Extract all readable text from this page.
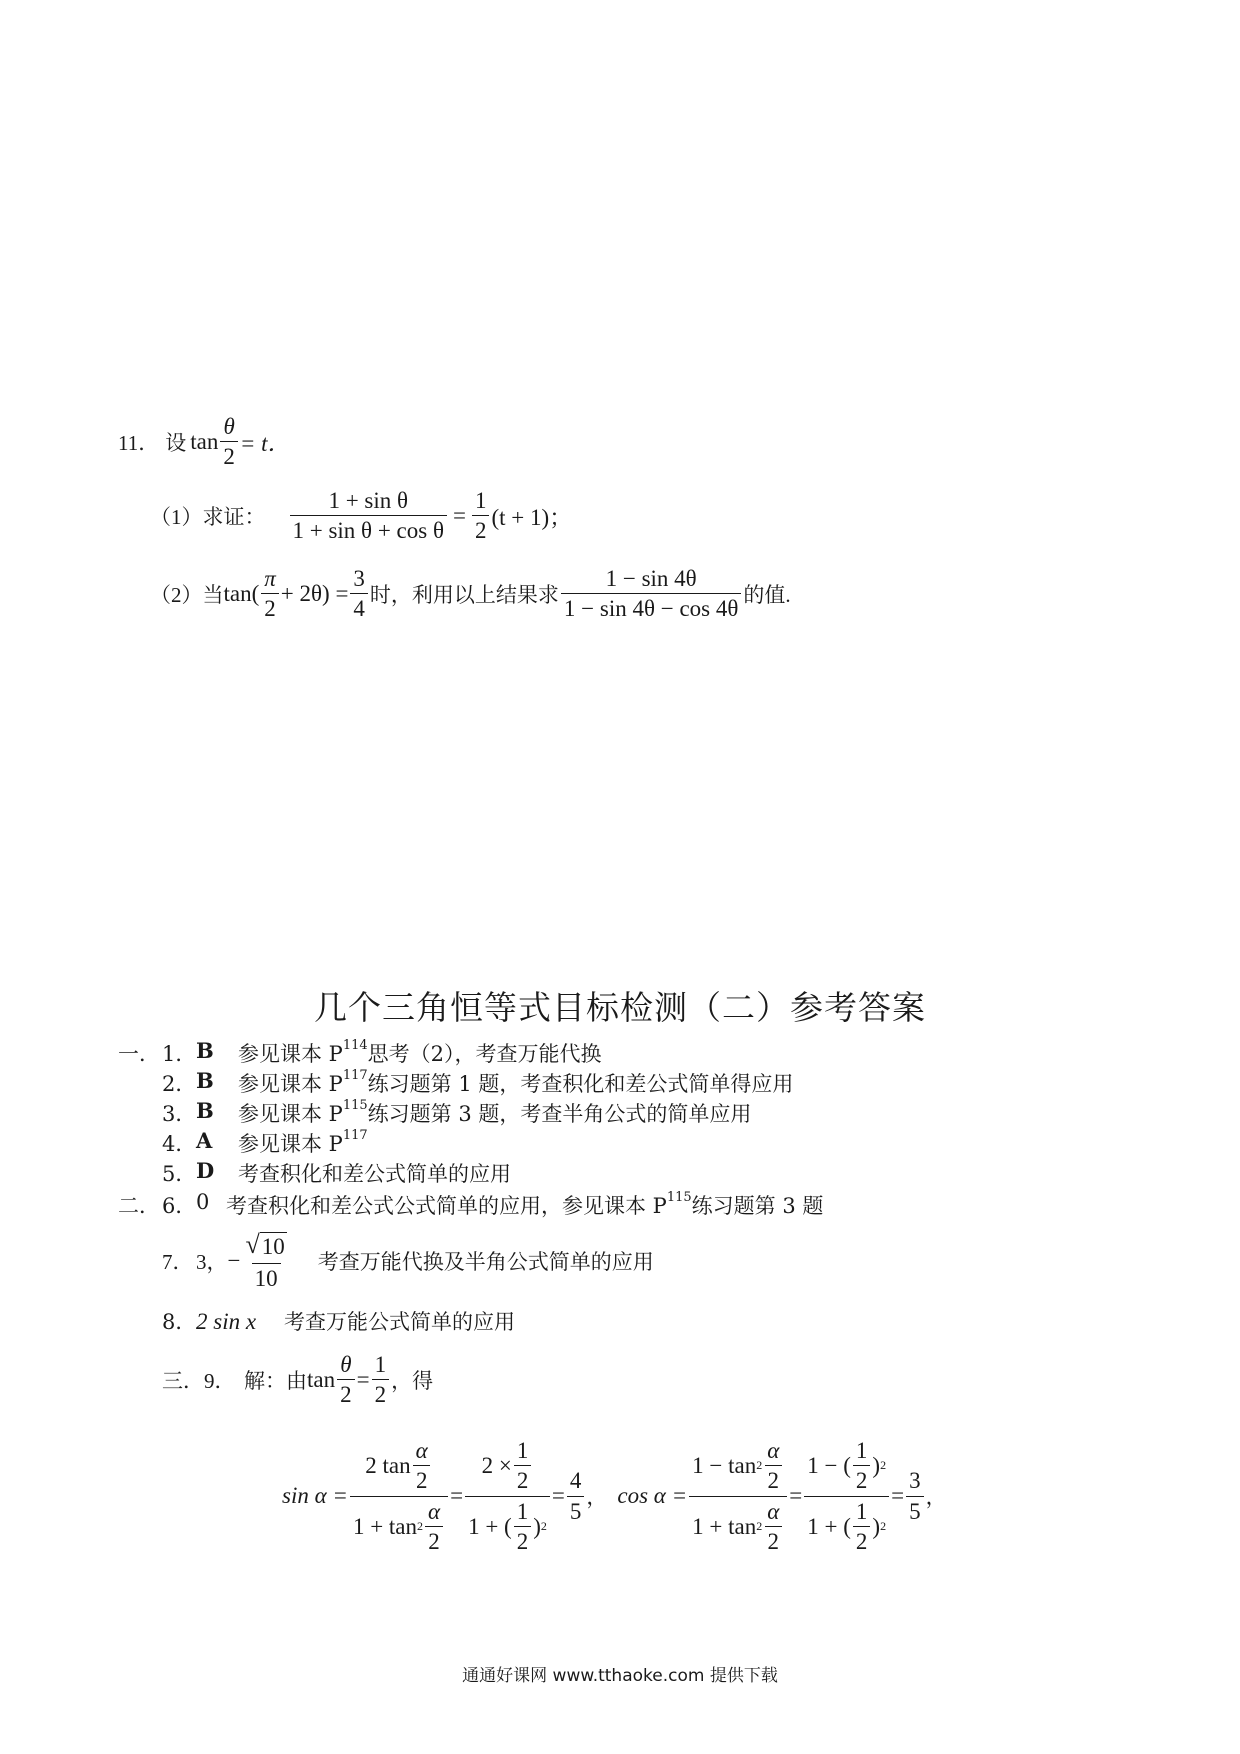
11． 设 $\tan \frac{\theta}{2} = t$．
（1）求证： $\frac{\text{1 + sin θ}}{\text{1 + sin θ + cos θ}} = \frac{1}{2} (t + 1)$；
（2）当 $\tan( \frac{\pi}{2} + 2\theta) = \frac{3}{4}$ 时，利用以上结果求 $\frac{1 - \sin 4\theta}{1 - \sin 4\theta - \cos 4\theta}$ 的值.
几个三角恒等式目标检测（二）参考答案
一． 1． B	参见课本 P 114 思考（2），考查万能代换
2． B	参见课本 P 117 练习题第 1 题，考查积化和差公式简单得应用
3． B	参见课本 P 115 练习题第 3 题，考查半角公式的简单应用
4． A	参见课本 P 117
5． D	考查积化和差公式简单的应用
二． 6． 0 考查积化和差公式公式简单的应用，参见课本 P 115 练习题第 3 题
7． 3， − $\frac{√ 10}{10}$ 考查万能代换及半角公式简单的应用
8． 2 sin x	考查万能公式简单的应用
三． 9． 解：由 $\tan \frac{\theta}{2} = \frac{1}{2}$ ，得
$\sin \alpha = \frac{2 \tan \frac{\alpha}{2}}{1 + \tan 2 \frac{\alpha}{2}} = \frac{2 \times \frac{1}{2}}{1 + ( \frac{1}{2} ) 2} = \frac{4}{5}$ ， $\cos \alpha = \frac{1 - \tan 2 \frac{\alpha}{2}}{1 + \tan 2 \frac{\alpha}{2}} = \frac{1 - ( \frac{1}{2} ) 2}{1 + ( \frac{1}{2} ) 2} = \frac{3}{5}$ ，
通通好课网 www.tthaoke.com 提供下载
